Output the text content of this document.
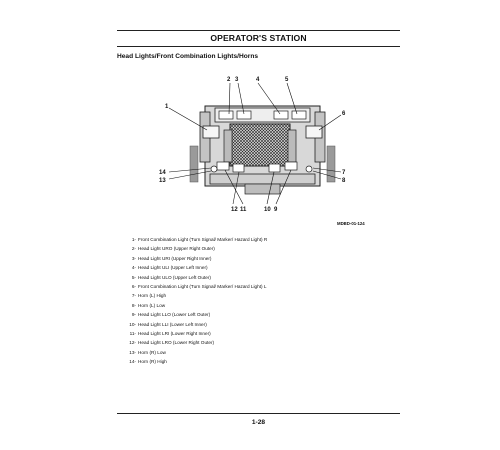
OPERATOR'S STATION
Head Lights/Front Combination Lights/Horns
1
2 3	4	5
6
7
8
9
10
11
12
13
14
MDBD-01-124
1- Front Combination Light (Turn Signal/ Marker/ Hazard Light) R
2- Head Light URO (Upper Right Outer)
3- Head Light URI (Upper Right Inner)
4- Head Light ULI (Upper Left Inner)
5- Head Light ULO (Upper Left Outer)
6- Front Combination Light (Turn Signal/ Marker/ Hazard Light) L
7- Horn (L) High
8- Horn (L) Low
9- Head Light LLO (Lower Left Outer)
10- Head Light LLI (Lower Left Inner)
11- Head Light LRI (Lower Right Inner)
12- Head Light LRO (Lower Right Outer)
13- Horn (R) Low
14- Horn (R) High
1-28
